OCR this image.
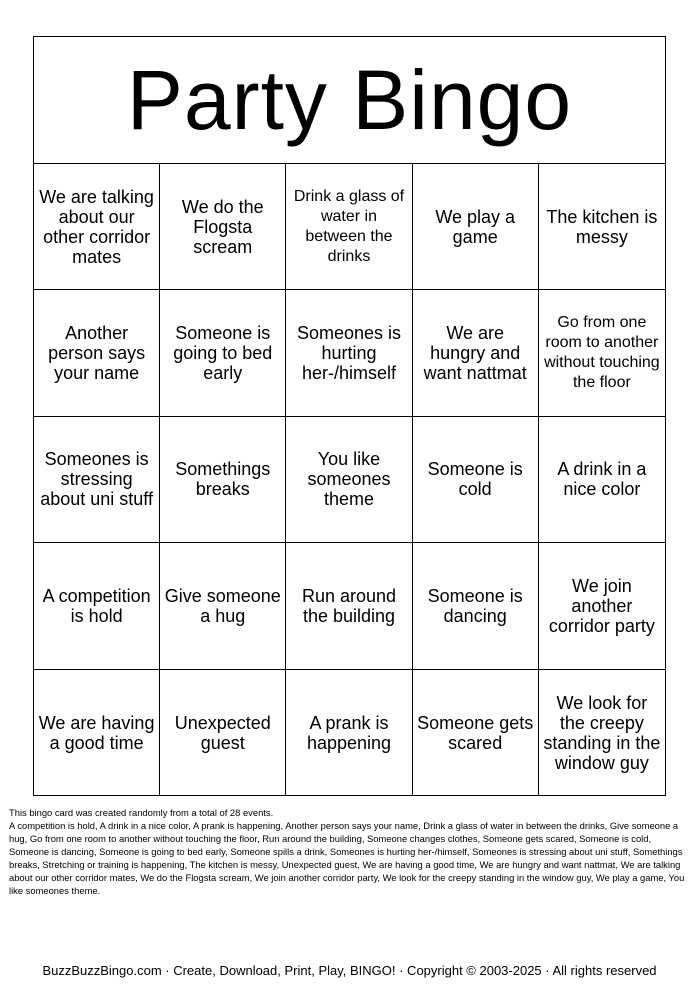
Party Bingo
We are talking about our other corridor mates
We do the Flogsta scream
Drink a glass of water in between the drinks
We play a game
The kitchen is messy
Another person says your name
Someone is going to bed early
Someones is hurting her-/himself
We are hungry and want nattmat
Go from one room to another without touching the floor
Someones is stressing about uni stuff
Somethings breaks
You like someones theme
Someone is cold
A drink in a nice color
A competition is hold
Give someone a hug
Run around the building
Someone is dancing
We join another corridor party
We are having a good time
Unexpected guest
A prank is happening
Someone gets scared
We look for the creepy standing in the window guy
This bingo card was created randomly from a total of 28 events.
A competition is hold, A drink in a nice color, A prank is happening, Another person says your name, Drink a glass of water in between the drinks, Give someone a hug, Go from one room to another without touching the floor, Run around the building, Someone changes clothes, Someone gets scared, Someone is cold, Someone is dancing, Someone is going to bed early, Someone spills a drink, Someones is hurting her-/himself, Someones is stressing about uni stuff, Somethings breaks, Stretching or training is happening, The kitchen is messy, Unexpected guest, We are having a good time, We are hungry and want nattmat, We are talking about our other corridor mates, We do the Flogsta scream, We join another corridor party, We look for the creepy standing in the window guy, We play a game, You like someones theme.
BuzzBuzzBingo.com · Create, Download, Print, Play, BINGO! · Copyright © 2003-2025 · All rights reserved
